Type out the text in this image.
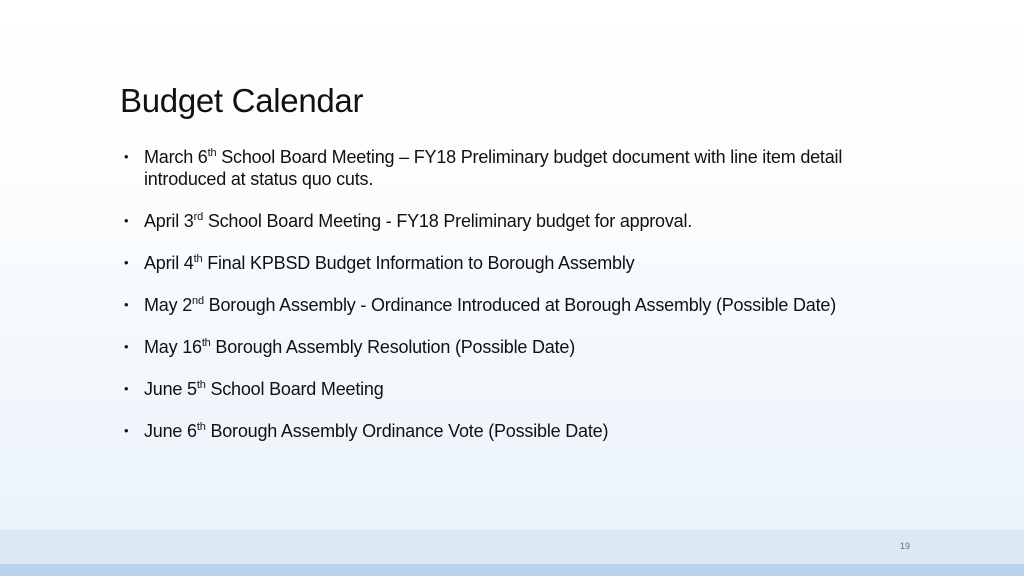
Budget Calendar
• March 6th School Board Meeting – FY18 Preliminary budget document with line item detail introduced at status quo cuts.
• April 3rd School Board Meeting - FY18 Preliminary budget for approval.
• April 4th Final KPBSD Budget Information to Borough Assembly
• May 2nd Borough Assembly - Ordinance Introduced at Borough Assembly (Possible Date)
• May 16th Borough Assembly Resolution (Possible Date)
• June 5th School Board Meeting
• June 6th Borough Assembly Ordinance Vote (Possible Date)
19
